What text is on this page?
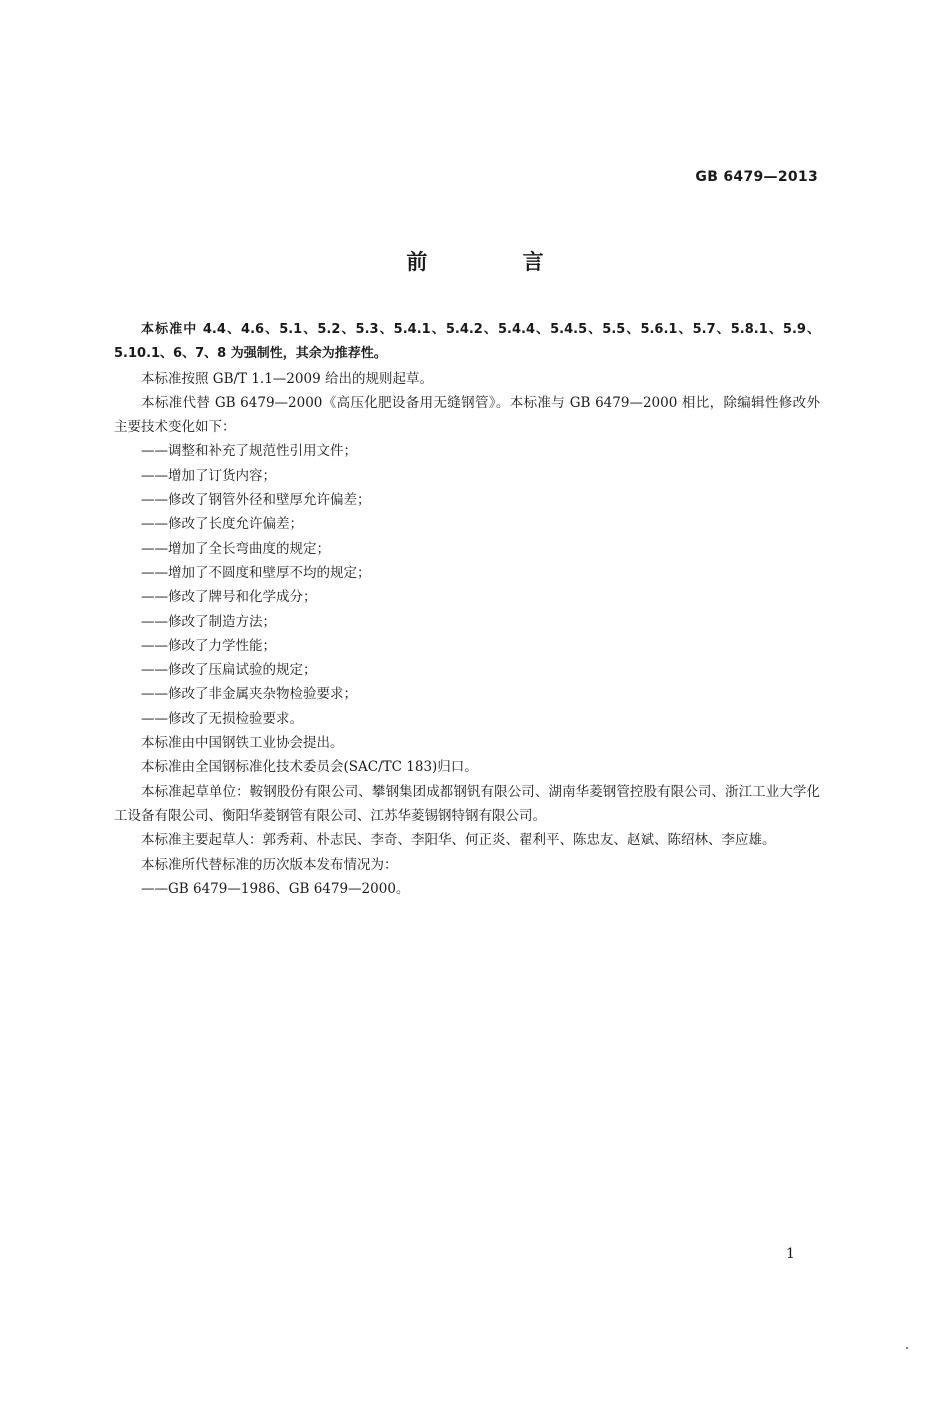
GB 6479—2013
前 言

本标准中 4.4、4.6、5.1、5.2、5.3、5.4.1、5.4.2、5.4.4、5.4.5、5.5、5.6.1、5.7、5.8.1、5.9、5.10.1、6、7、8 为强制性，其余为推荐性。

本标准按照 GB/T 1.1—2009 给出的规则起草。

本标准代替 GB 6479—2000《高压化肥设备用无缝钢管》。本标准与 GB 6479—2000 相比，除编辑性修改外主要技术变化如下：

——调整和补充了规范性引用文件；
——增加了订货内容；
——修改了钢管外径和壁厚允许偏差；
——修改了长度允许偏差；
——增加了全长弯曲度的规定；
——增加了不圆度和壁厚不均的规定；
——修改了牌号和化学成分；
——修改了制造方法；
——修改了力学性能；
——修改了压扁试验的规定；
——修改了非金属夹杂物检验要求；
——修改了无损检验要求。

本标准由中国钢铁工业协会提出。

本标准由全国钢标准化技术委员会(SAC/TC 183)归口。

本标准起草单位：鞍钢股份有限公司、攀钢集团成都钢钒有限公司、湖南华菱钢管控股有限公司、浙江工业大学化工设备有限公司、衡阳华菱钢管有限公司、江苏华菱锡钢特钢有限公司。

本标准主要起草人：郭秀莉、朴志民、李奇、李阳华、何正炎、翟利平、陈忠友、赵斌、陈绍林、李应雄。

本标准所代替标准的历次版本发布情况为：

——GB 6479—1986、GB 6479—2000。
1
